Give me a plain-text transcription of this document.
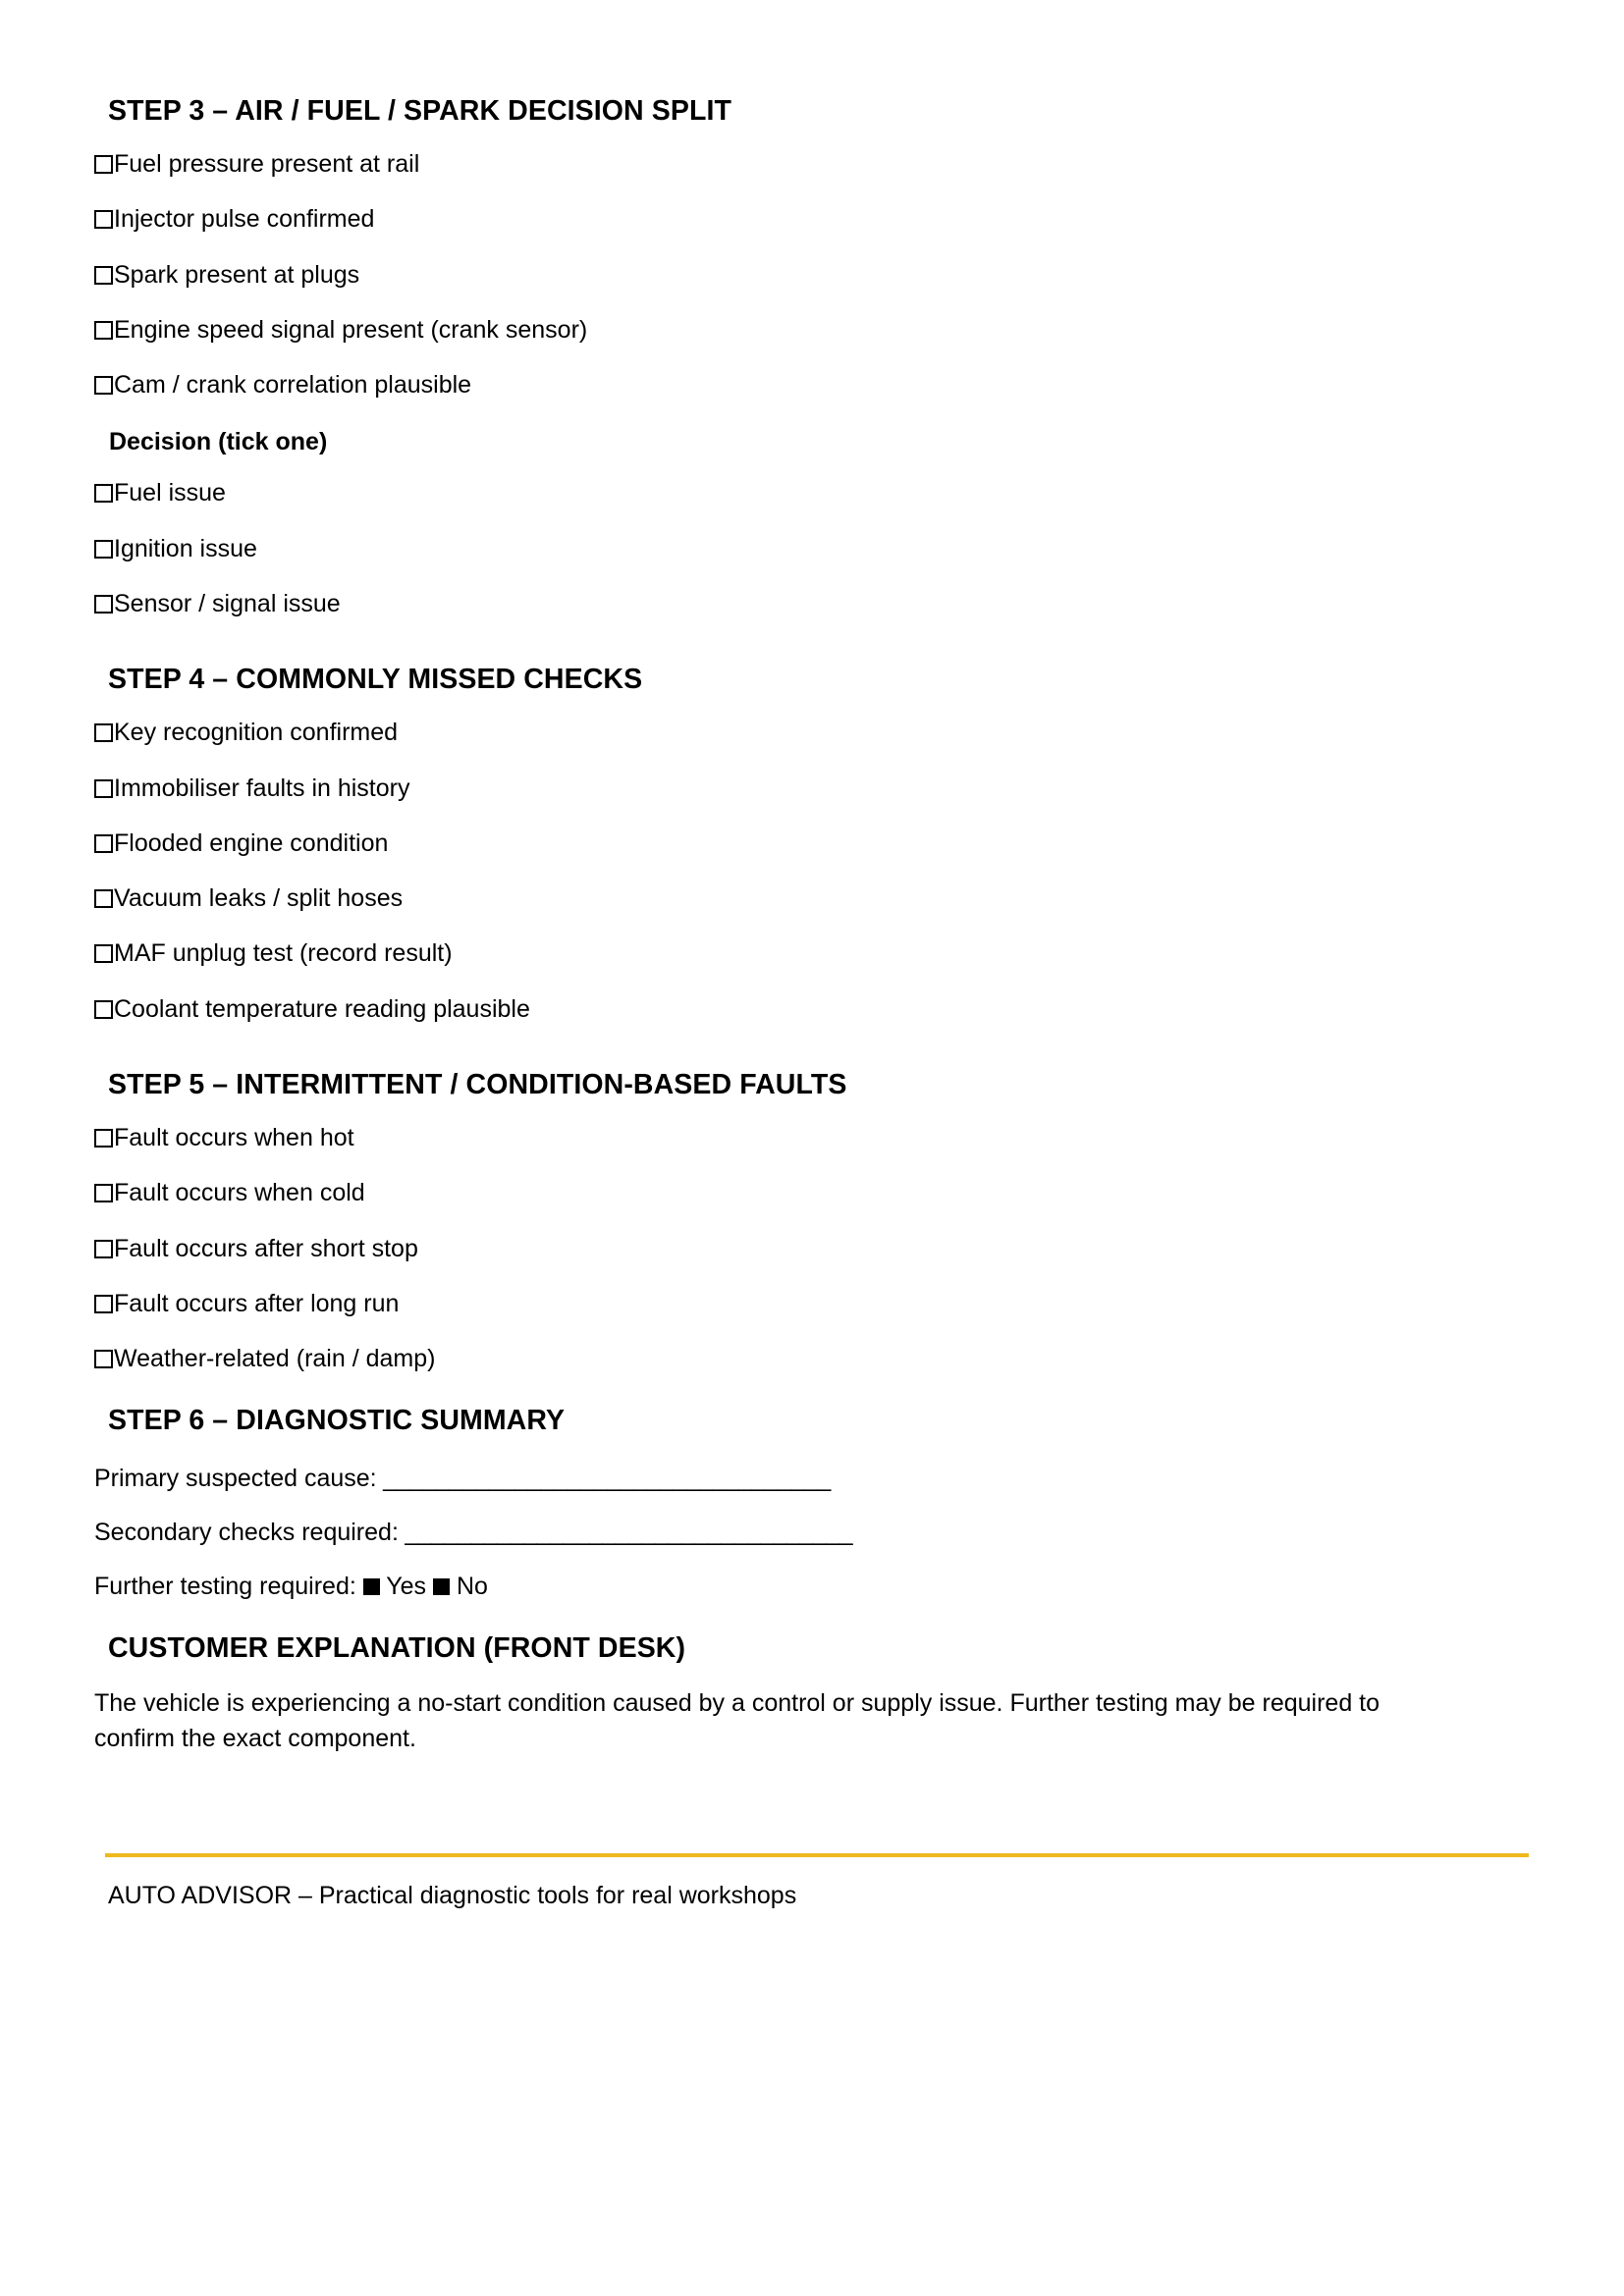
STEP 3 – AIR / FUEL / SPARK DECISION SPLIT
Fuel pressure present at rail
Injector pulse confirmed
Spark present at plugs
Engine speed signal present (crank sensor)
Cam / crank correlation plausible
Decision (tick one)
Fuel issue
Ignition issue
Sensor / signal issue
STEP 4 – COMMONLY MISSED CHECKS
Key recognition confirmed
Immobiliser faults in history
Flooded engine condition
Vacuum leaks / split hoses
MAF unplug test (record result)
Coolant temperature reading plausible
STEP 5 – INTERMITTENT / CONDITION-BASED FAULTS
Fault occurs when hot
Fault occurs when cold
Fault occurs after short stop
Fault occurs after long run
Weather-related (rain / damp)
STEP 6 – DIAGNOSTIC SUMMARY
Primary suspected cause: __________________________________
Secondary checks required: __________________________________
Further testing required: Yes No
CUSTOMER EXPLANATION (FRONT DESK)
The vehicle is experiencing a no-start condition caused by a control or supply issue. Further testing may be required to confirm the exact component.
AUTO ADVISOR – Practical diagnostic tools for real workshops
